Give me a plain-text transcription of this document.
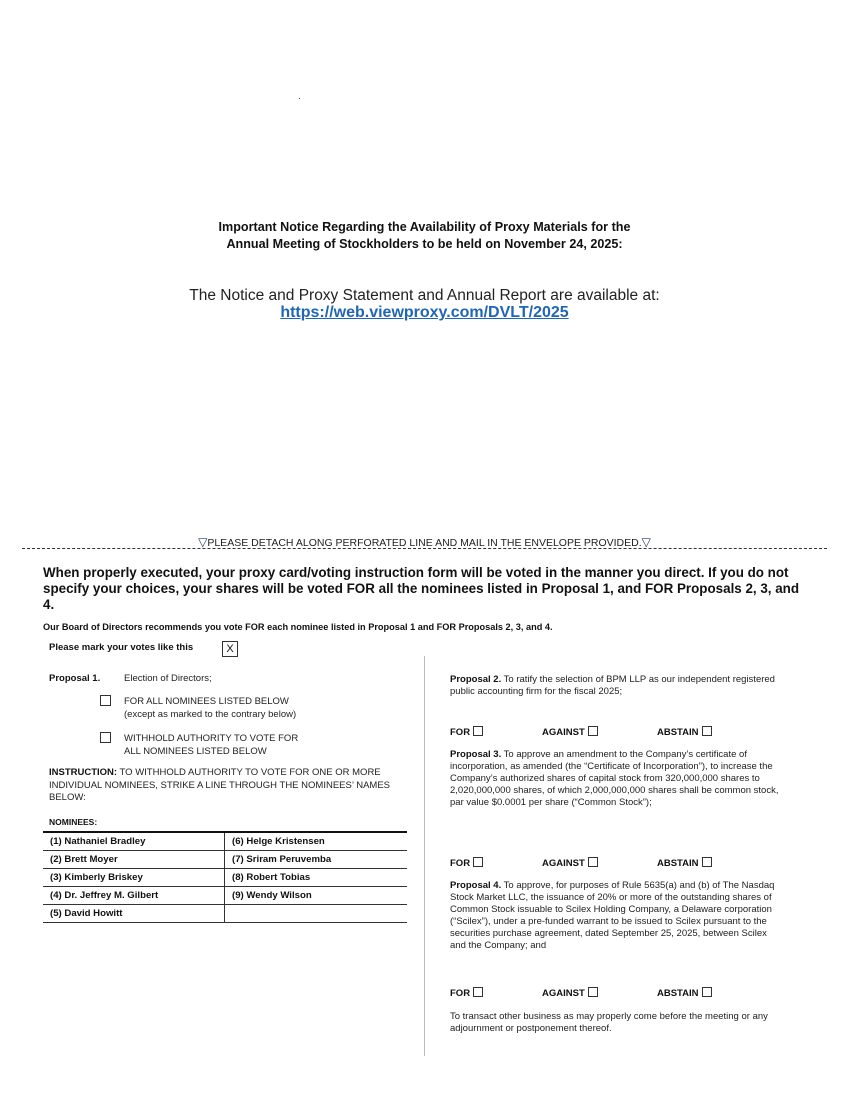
Important Notice Regarding the Availability of Proxy Materials for the
Annual Meeting of Stockholders to be held on November 24, 2025:
The Notice and Proxy Statement and Annual Report are available at:
https://web.viewproxy.com/DVLT/2025
▽PLEASE DETACH ALONG PERFORATED LINE AND MAIL IN THE ENVELOPE PROVIDED.▽
When properly executed, your proxy card/voting instruction form will be voted in the manner you direct. If you do not specify your choices, your shares will be voted FOR all the nominees listed in Proposal 1, and FOR Proposals 2, 3, and 4.
Our Board of Directors recommends you vote FOR each nominee listed in Proposal 1 and FOR Proposals 2, 3, and 4.
Please mark your votes like this	X
Proposal 1.	Election of Directors;
FOR ALL NOMINEES LISTED BELOW
(except as marked to the contrary below)
WITHHOLD AUTHORITY TO VOTE FOR
ALL NOMINEES LISTED BELOW
INSTRUCTION: TO WITHHOLD AUTHORITY TO VOTE FOR ONE OR MORE INDIVIDUAL NOMINEES, STRIKE A LINE THROUGH THE NOMINEES’ NAMES BELOW:
NOMINEES:
(1) Nathaniel Bradley	(6) Helge Kristensen
(2) Brett Moyer	(7) Sriram Peruvemba
(3) Kimberly Briskey	(8) Robert Tobias
(4) Dr. Jeffrey M. Gilbert	(9) Wendy Wilson
(5) David Howitt	
Proposal 2. To ratify the selection of BPM LLP as our independent registered public accounting firm for the fiscal 2025;
FOR	AGAINST	ABSTAIN
Proposal 3. To approve an amendment to the Company’s certificate of incorporation, as amended (the “Certificate of Incorporation”), to increase the Company’s authorized shares of capital stock from 320,000,000 shares to 2,020,000,000 shares, of which 2,000,000,000 shares shall be common stock, par value $0.0001 per share (“Common Stock”);
FOR	AGAINST	ABSTAIN
Proposal 4. To approve, for purposes of Rule 5635(a) and (b) of The Nasdaq Stock Market LLC, the issuance of 20% or more of the outstanding shares of Common Stock issuable to Scilex Holding Company, a Delaware corporation (“Scilex”), under a pre-funded warrant to be issued to Scilex pursuant to the securities purchase agreement, dated September 25, 2025, between Scilex and the Company; and
FOR	AGAINST	ABSTAIN
To transact other business as may properly come before the meeting or any adjournment or postponement thereof.
